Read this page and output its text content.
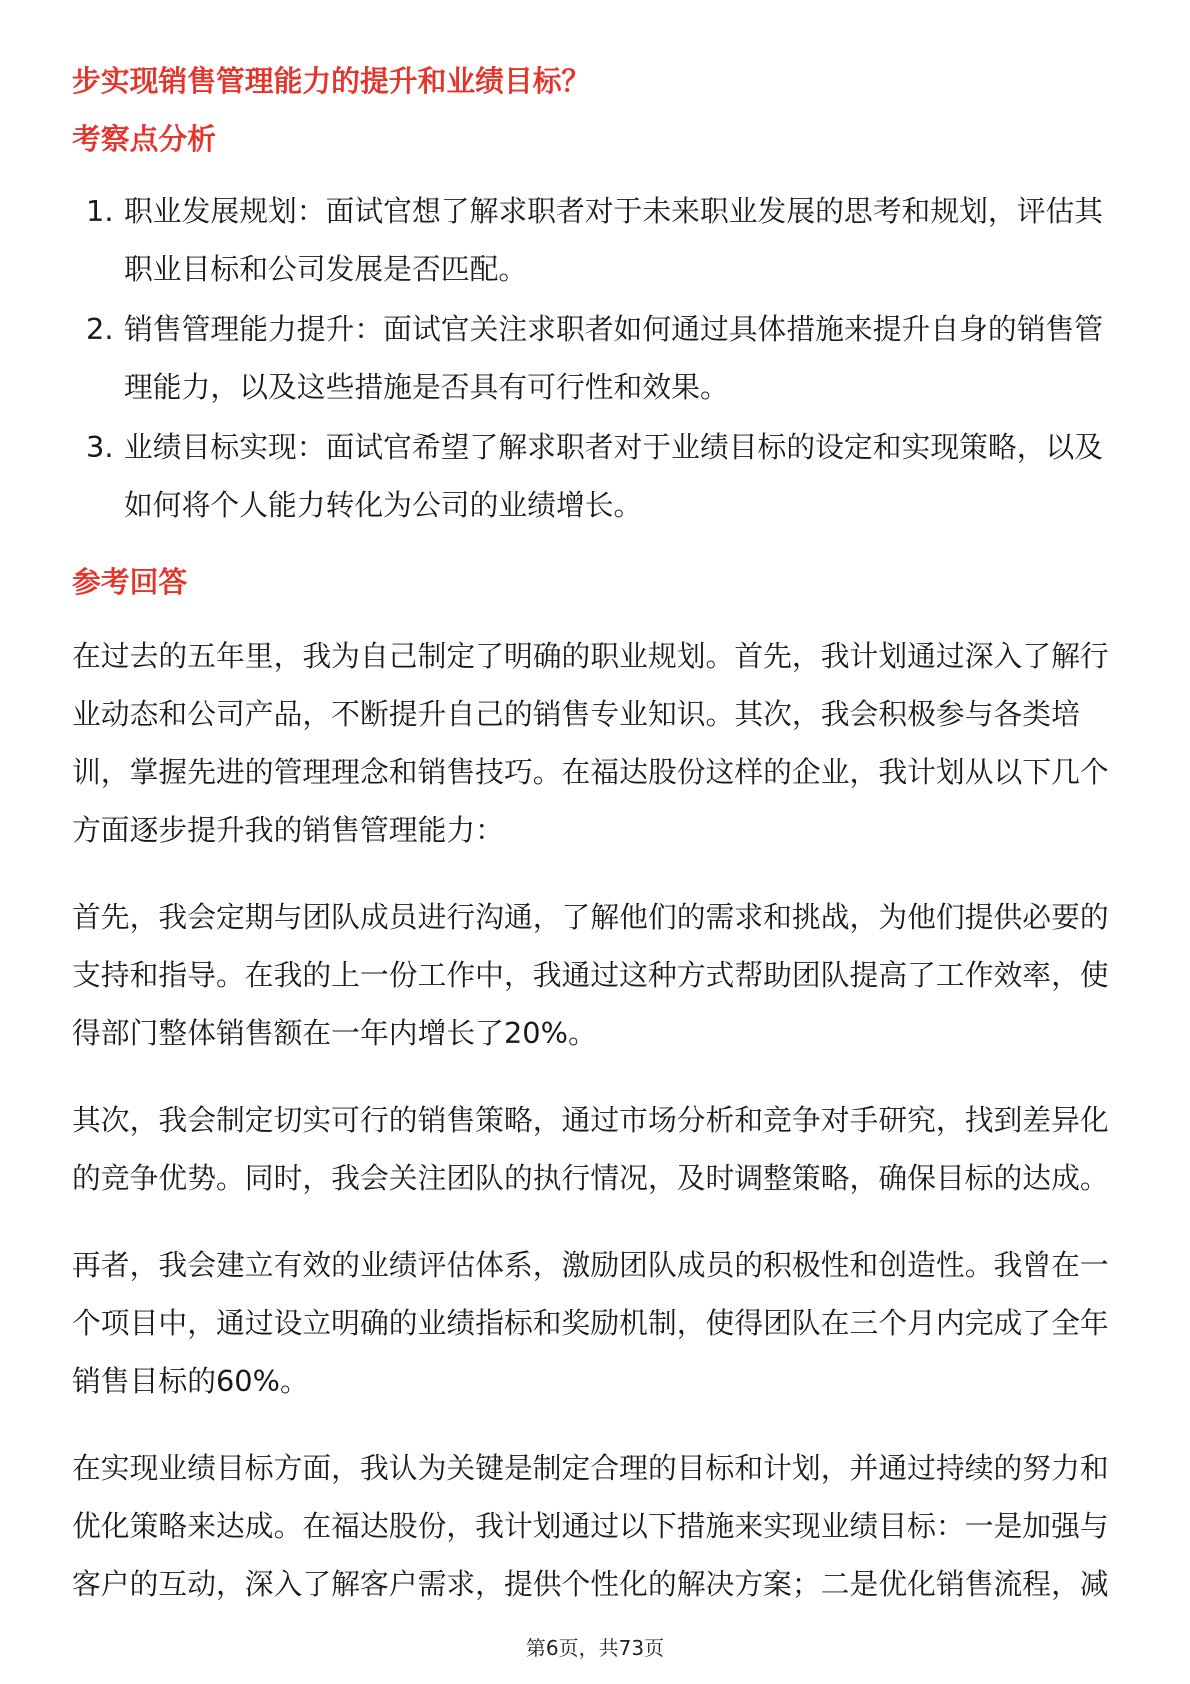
步实现销售管理能力的提升和业绩目标？
考察点分析
1. 职业发展规划：面试官想了解求职者对于未来职业发展的思考和规划，评估其
职业目标和公司发展是否匹配。
2. 销售管理能力提升：面试官关注求职者如何通过具体措施来提升自身的销售管
理能力，以及这些措施是否具有可行性和效果。
3. 业绩目标实现：面试官希望了解求职者对于业绩目标的设定和实现策略，以及
如何将个人能力转化为公司的业绩增长。
参考回答
在过去的五年里，我为自己制定了明确的职业规划。首先，我计划通过深入了解行
业动态和公司产品，不断提升自己的销售专业知识。其次，我会积极参与各类培
训，掌握先进的管理理念和销售技巧。在福达股份这样的企业，我计划从以下几个
方面逐步提升我的销售管理能力：
首先，我会定期与团队成员进行沟通，了解他们的需求和挑战，为他们提供必要的
支持和指导。在我的上一份工作中，我通过这种方式帮助团队提高了工作效率，使
得部门整体销售额在一年内增长了20%。
其次，我会制定切实可行的销售策略，通过市场分析和竞争对手研究，找到差异化
的竞争优势。同时，我会关注团队的执行情况，及时调整策略，确保目标的达成。
再者，我会建立有效的业绩评估体系，激励团队成员的积极性和创造性。我曾在一
个项目中，通过设立明确的业绩指标和奖励机制，使得团队在三个月内完成了全年
销售目标的60%。
在实现业绩目标方面，我认为关键是制定合理的目标和计划，并通过持续的努力和
优化策略来达成。在福达股份，我计划通过以下措施来实现业绩目标：一是加强与
客户的互动，深入了解客户需求，提供个性化的解决方案；二是优化销售流程，减
第6页，共73页
